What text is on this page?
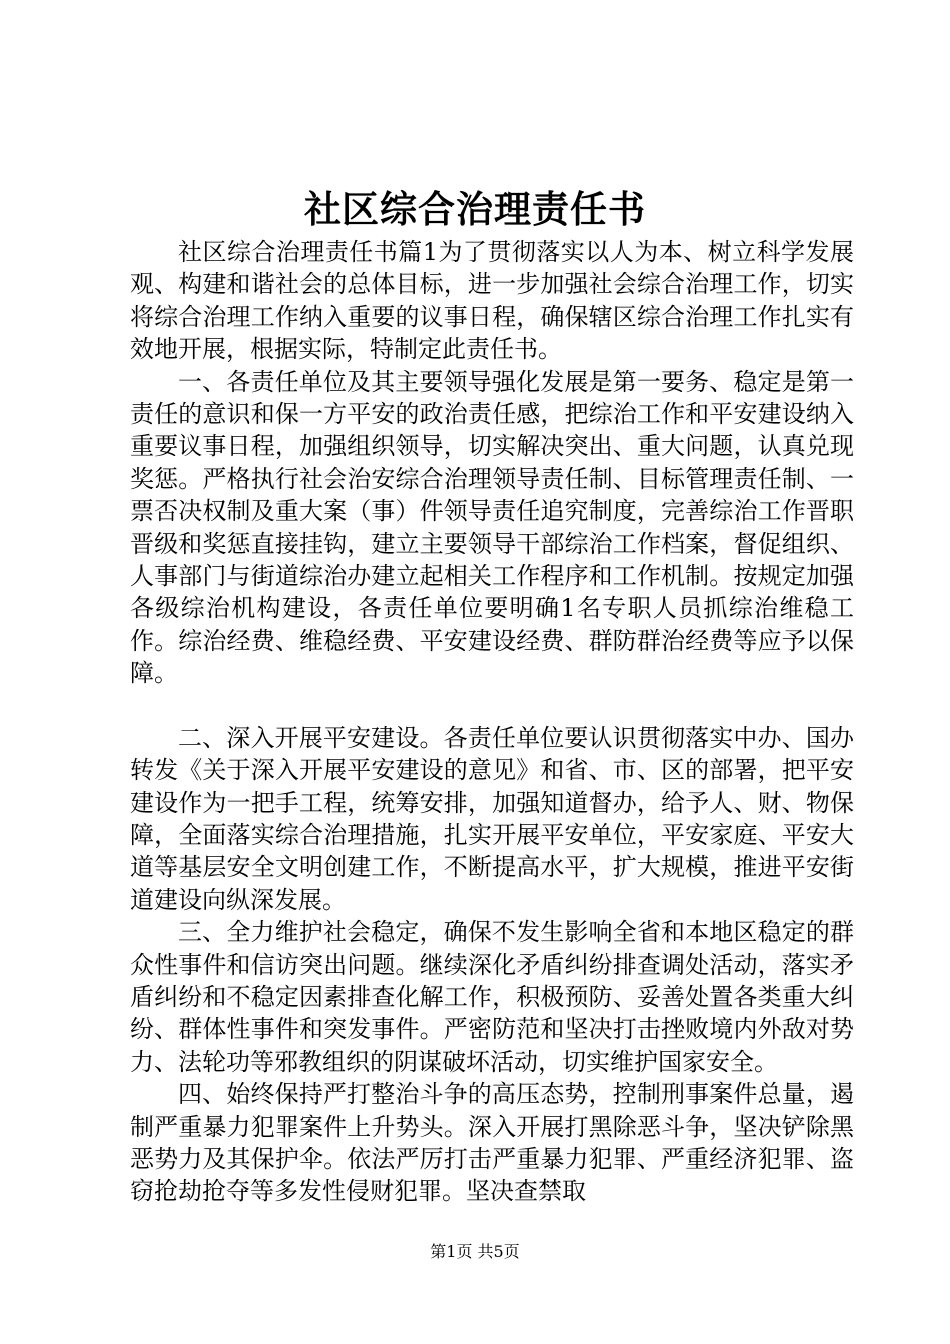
社区综合治理责任书

社区综合治理责任书篇1为了贯彻落实以人为本、树立科学发展观、构建和谐社会的总体目标，进一步加强社会综合治理工作，切实将综合治理工作纳入重要的议事日程，确保辖区综合治理工作扎实有效地开展，根据实际，特制定此责任书。

一、各责任单位及其主要领导强化发展是第一要务、稳定是第一责任的意识和保一方平安的政治责任感，把综治工作和平安建设纳入重要议事日程，加强组织领导，切实解决突出、重大问题，认真兑现奖惩。严格执行社会治安综合治理领导责任制、目标管理责任制、一票否决权制及重大案（事）件领导责任追究制度，完善综治工作晋职晋级和奖惩直接挂钩，建立主要领导干部综治工作档案，督促组织、人事部门与街道综治办建立起相关工作程序和工作机制。按规定加强各级综治机构建设，各责任单位要明确1名专职人员抓综治维稳工作。综治经费、维稳经费、平安建设经费、群防群治经费等应予以保障。

二、深入开展平安建设。各责任单位要认识贯彻落实中办、国办转发《关于深入开展平安建设的意见》和省、市、区的部署，把平安建设作为一把手工程，统筹安排，加强知道督办，给予人、财、物保障，全面落实综合治理措施，扎实开展平安单位，平安家庭、平安大道等基层安全文明创建工作，不断提高水平，扩大规模，推进平安街道建设向纵深发展。

三、全力维护社会稳定，确保不发生影响全省和本地区稳定的群众性事件和信访突出问题。继续深化矛盾纠纷排查调处活动，落实矛盾纠纷和不稳定因素排查化解工作，积极预防、妥善处置各类重大纠纷、群体性事件和突发事件。严密防范和坚决打击挫败境内外敌对势力、法轮功等邪教组织的阴谋破坏活动，切实维护国家安全。

四、始终保持严打整治斗争的高压态势，控制刑事案件总量，遏制严重暴力犯罪案件上升势头。深入开展打黑除恶斗争，坚决铲除黑恶势力及其保护伞。依法严厉打击严重暴力犯罪、严重经济犯罪、盗窃抢劫抢夺等多发性侵财犯罪。坚决查禁取

第1页 共5页
